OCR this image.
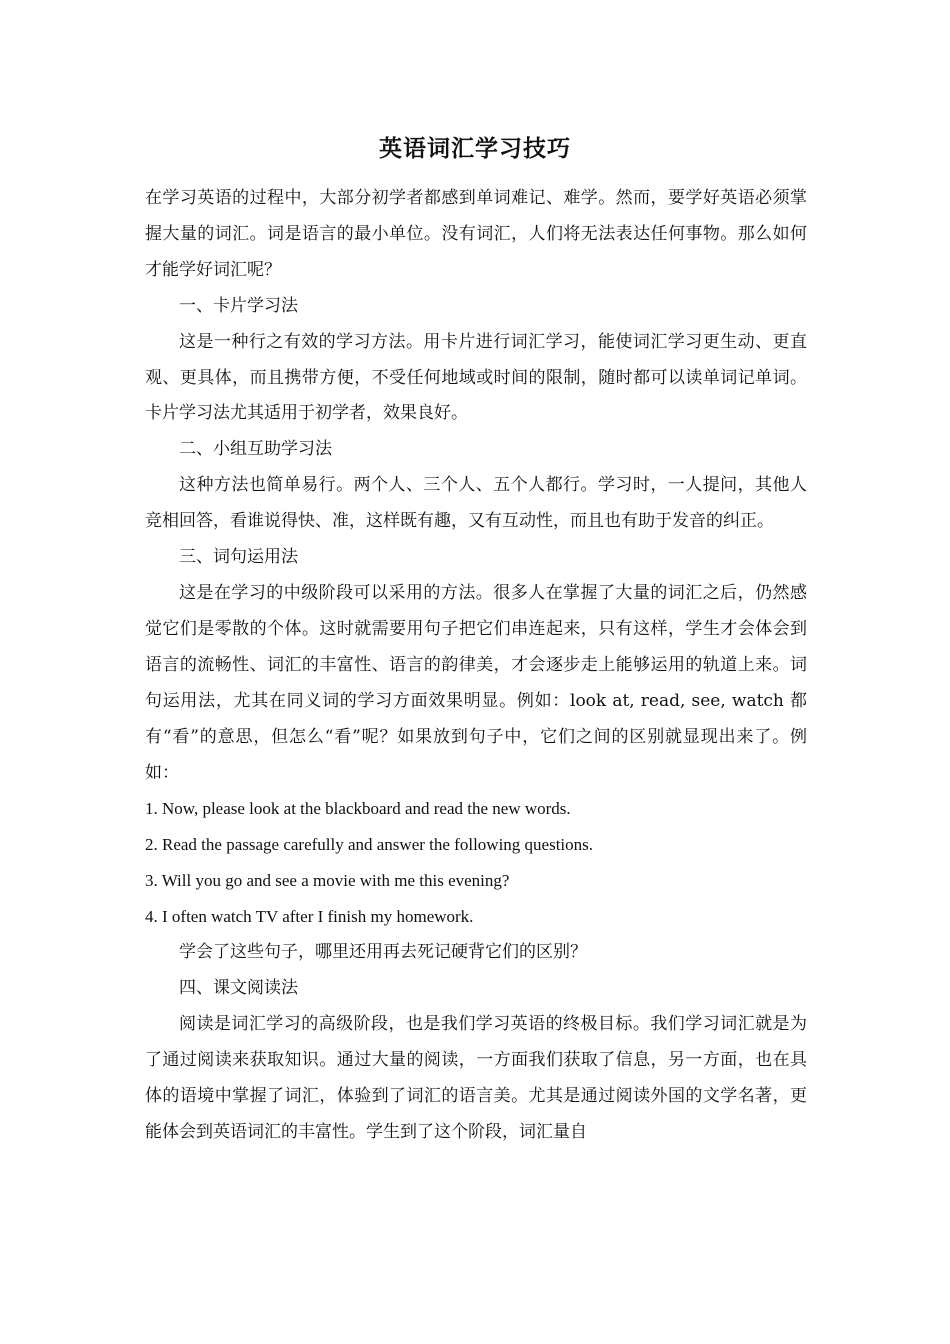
英语词汇学习技巧

在学习英语的过程中，大部分初学者都感到单词难记、难学。然而，要学好英语必须掌握大量的词汇。词是语言的最小单位。没有词汇，人们将无法表达任何事物。那么如何才能学好词汇呢？

一、卡片学习法

这是一种行之有效的学习方法。用卡片进行词汇学习，能使词汇学习更生动、更直观、更具体，而且携带方便，不受任何地域或时间的限制，随时都可以读单词记单词。卡片学习法尤其适用于初学者，效果良好。

二、小组互助学习法

这种方法也简单易行。两个人、三个人、五个人都行。学习时，一人提问，其他人竞相回答，看谁说得快、准，这样既有趣，又有互动性，而且也有助于发音的纠正。

三、词句运用法

这是在学习的中级阶段可以采用的方法。很多人在掌握了大量的词汇之后，仍然感觉它们是零散的个体。这时就需要用句子把它们串连起来，只有这样，学生才会体会到语言的流畅性、词汇的丰富性、语言的韵律美，才会逐步走上能够运用的轨道上来。词句运用法，尤其在同义词的学习方面效果明显。例如：look at, read, see, watch 都有“看”的意思，但怎么“看”呢？如果放到句子中，它们之间的区别就显现出来了。例如：

1. Now, please look at the blackboard and read the new words.

2. Read the passage carefully and answer the following questions.

3. Will you go and see a movie with me this evening?

4. I often watch TV after I finish my homework.

学会了这些句子，哪里还用再去死记硬背它们的区别？

四、课文阅读法

阅读是词汇学习的高级阶段，也是我们学习英语的终极目标。我们学习词汇就是为了通过阅读来获取知识。通过大量的阅读，一方面我们获取了信息，另一方面，也在具体的语境中掌握了词汇，体验到了词汇的语言美。尤其是通过阅读外国的文学名著，更能体会到英语词汇的丰富性。学生到了这个阶段，词汇量自
